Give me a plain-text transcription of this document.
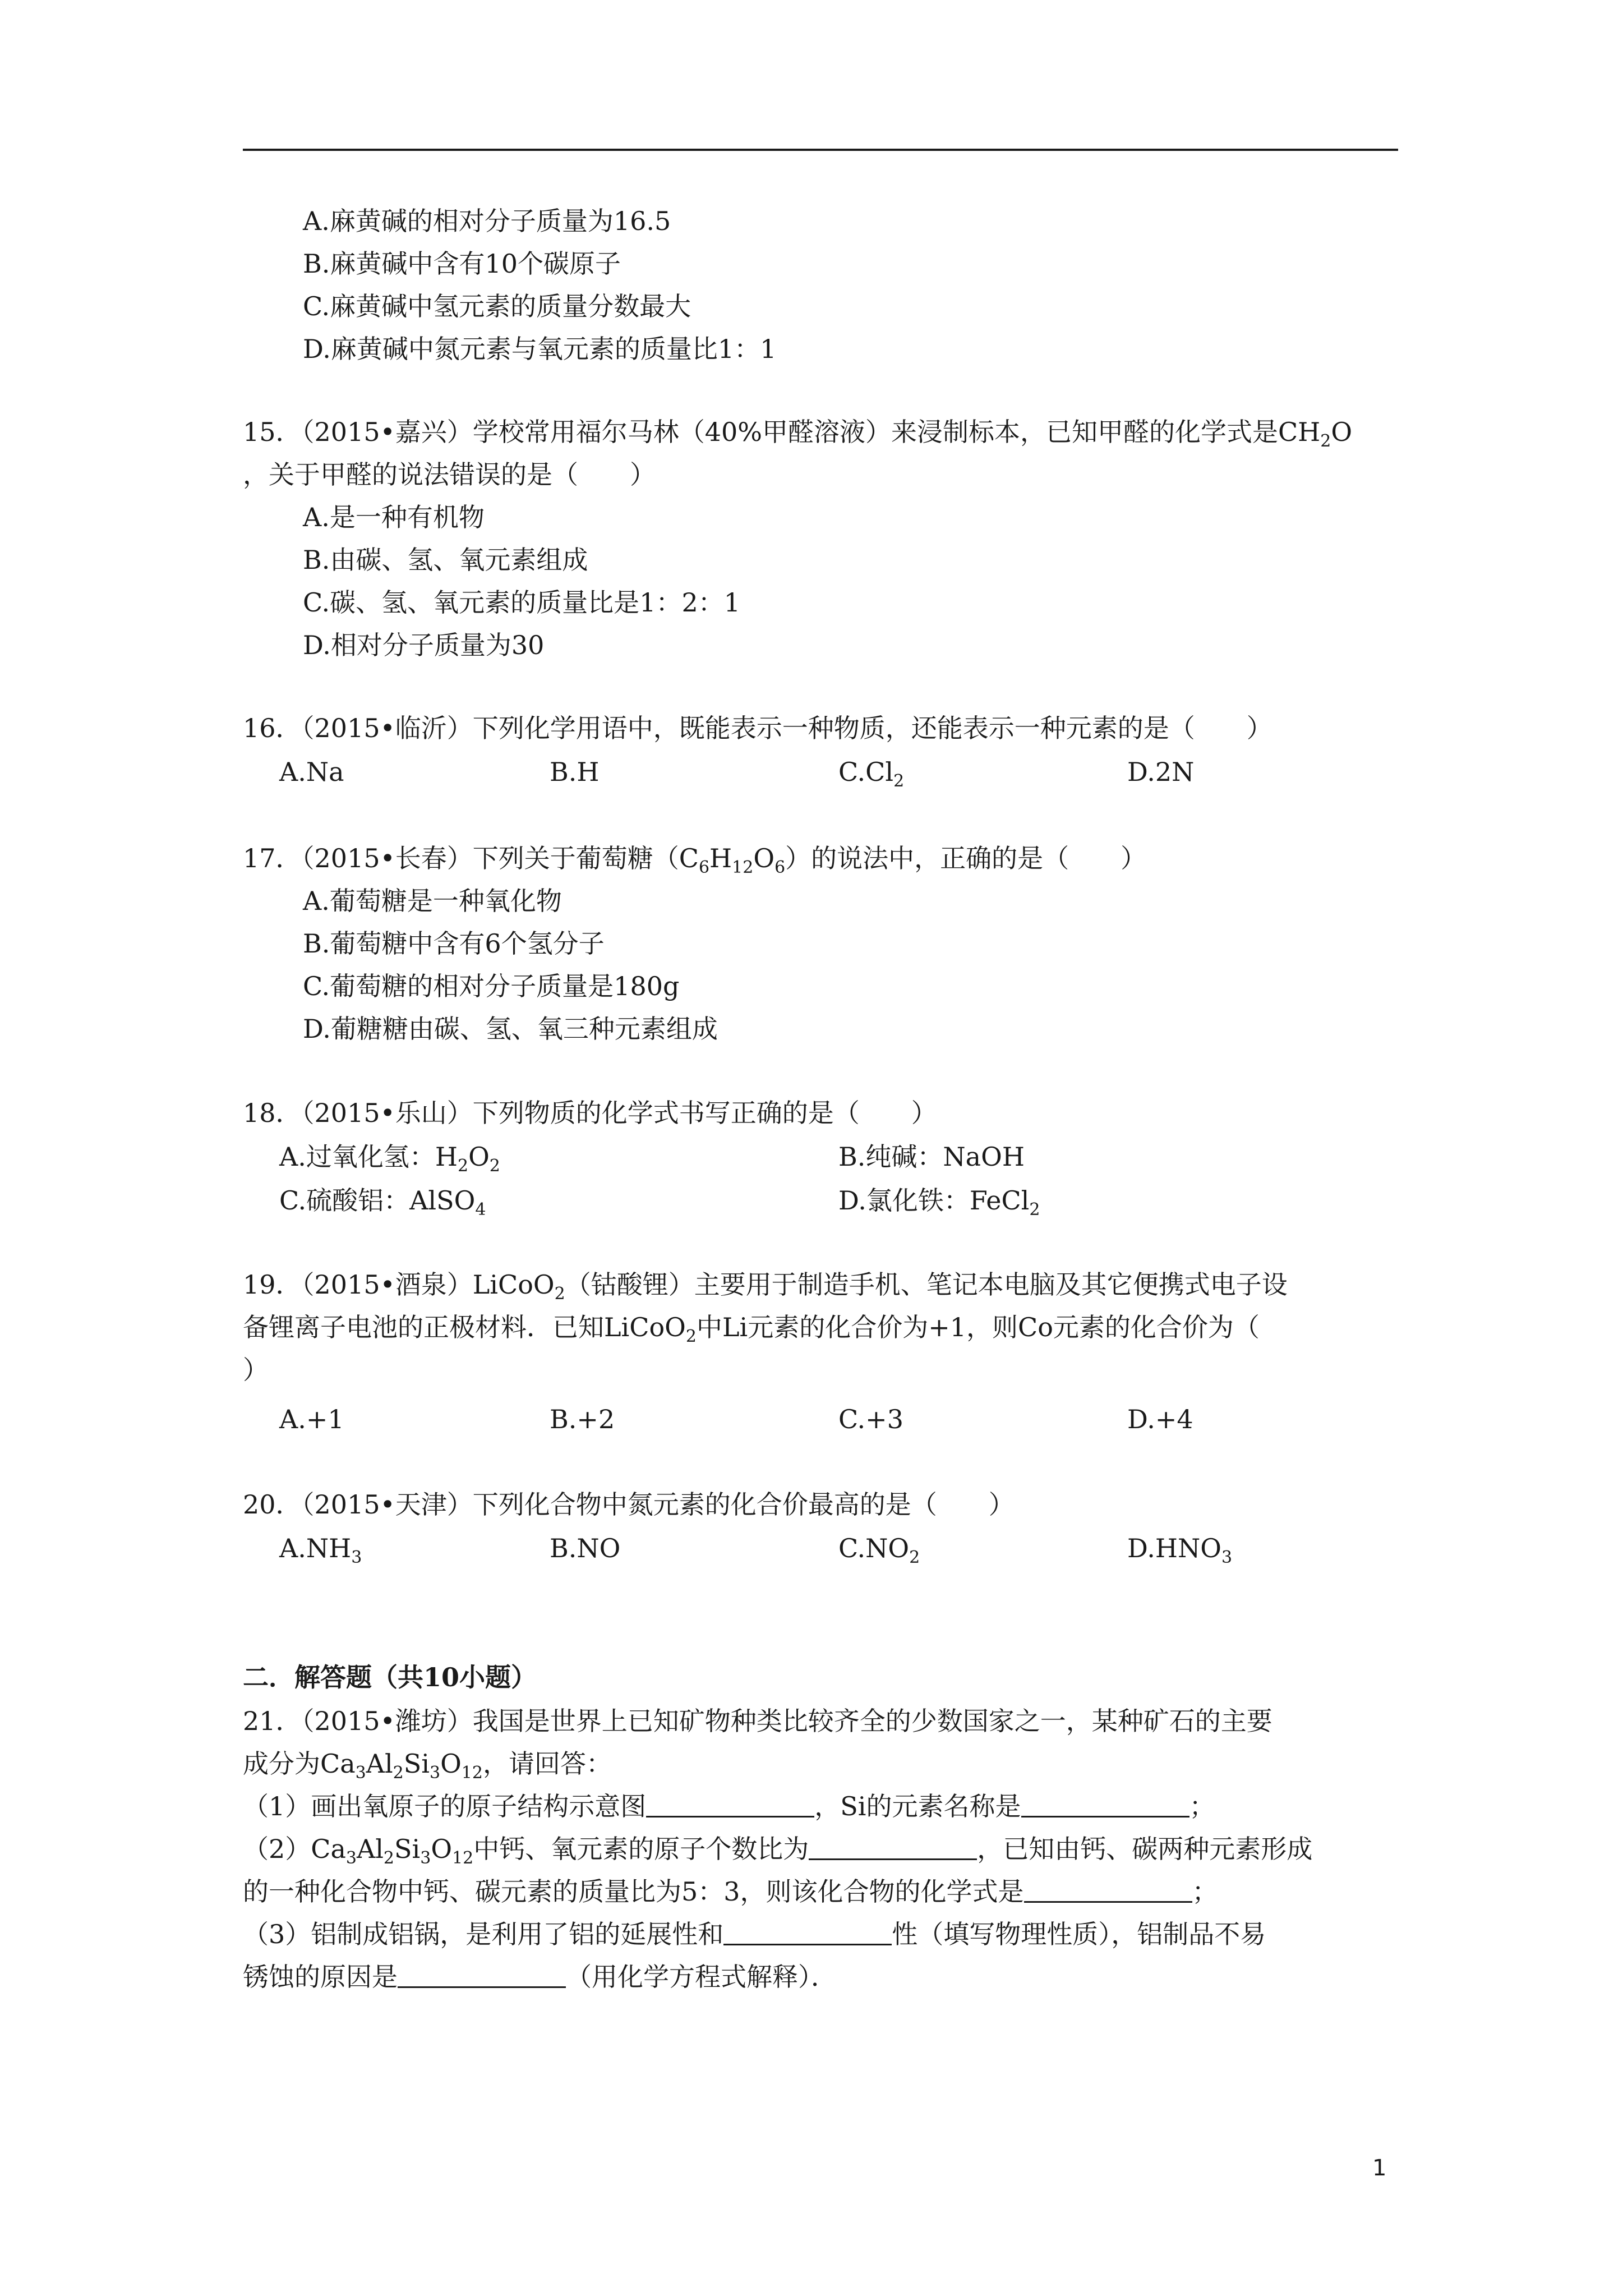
A.麻黄碱的相对分子质量为16.5
B.麻黄碱中含有10个碳原子
C.麻黄碱中氢元素的质量分数最大
D.麻黄碱中氮元素与氧元素的质量比1：1
15．（2015•嘉兴）学校常用福尔马林（40%甲醛溶液）来浸制标本，已知甲醛的化学式是$CH_2O$
，关于甲醛的说法错误的是（　　）
A.是一种有机物
B.由碳、氢、氧元素组成
C.碳、氢、氧元素的质量比是1：2：1
D.相对分子质量为30
16．（2015•临沂）下列化学用语中，既能表示一种物质，还能表示一种元素的是（　　）
A.Na	B.H	$C.Cl_2$	D.2N
17．（2015•长春）下列关于葡萄糖$(C_6H_{12}O_6)$的说法中，正确的是（　　）
A.葡萄糖是一种氧化物
B.葡萄糖中含有6个氢分子
C.葡萄糖的相对分子质量是180g
D.葡糖糖由碳、氢、氧三种元素组成
18．（2015•乐山）下列物质的化学式书写正确的是（　　）
A.过氧化氢：$H_2O_2$	B.纯碱：NaOH
C.硫酸铝：AlSO$_4$	D.氯化铁：FeCl$_2$
19．（2015•酒泉）LiCoO$_2$（钴酸锂）主要用于制造手机、笔记本电脑及其它便携式电子设
备锂离子电池的正极材料．已知LiCoO$_2$中Li元素的化合价为+1，则Co元素的化合价为（
）
A.+1	B.+2	C.+3	D.+4
20．（2015•天津）下列化合物中氮元素的化合价最高的是（　　）
$A.NH_3$	B.NO	$C.NO_2$	$D.HNO_3$
二．解答题（共10小题）
21．（2015•潍坊）我国是世界上已知矿物种类比较齐全的少数国家之一，某种矿石的主要
成分为$Ca_3Al_2Si_3O_{12}$，请回答：
（1）画出氧原子的原子结构示意图	，Si的元素名称是	；
$(2)Ca_3Al_2Si_3O_{12}$中钙、氧元素的原子个数比为	，已知由钙、碳两种元素形成
的一种化合物中钙、碳元素的质量比为5：3，则该化合物的化学式是	；
（3）铝制成铝锅，是利用了铝的延展性和	性（填写物理性质），铝制品不易
锈蚀的原因是	（用化学方程式解释）．
1
